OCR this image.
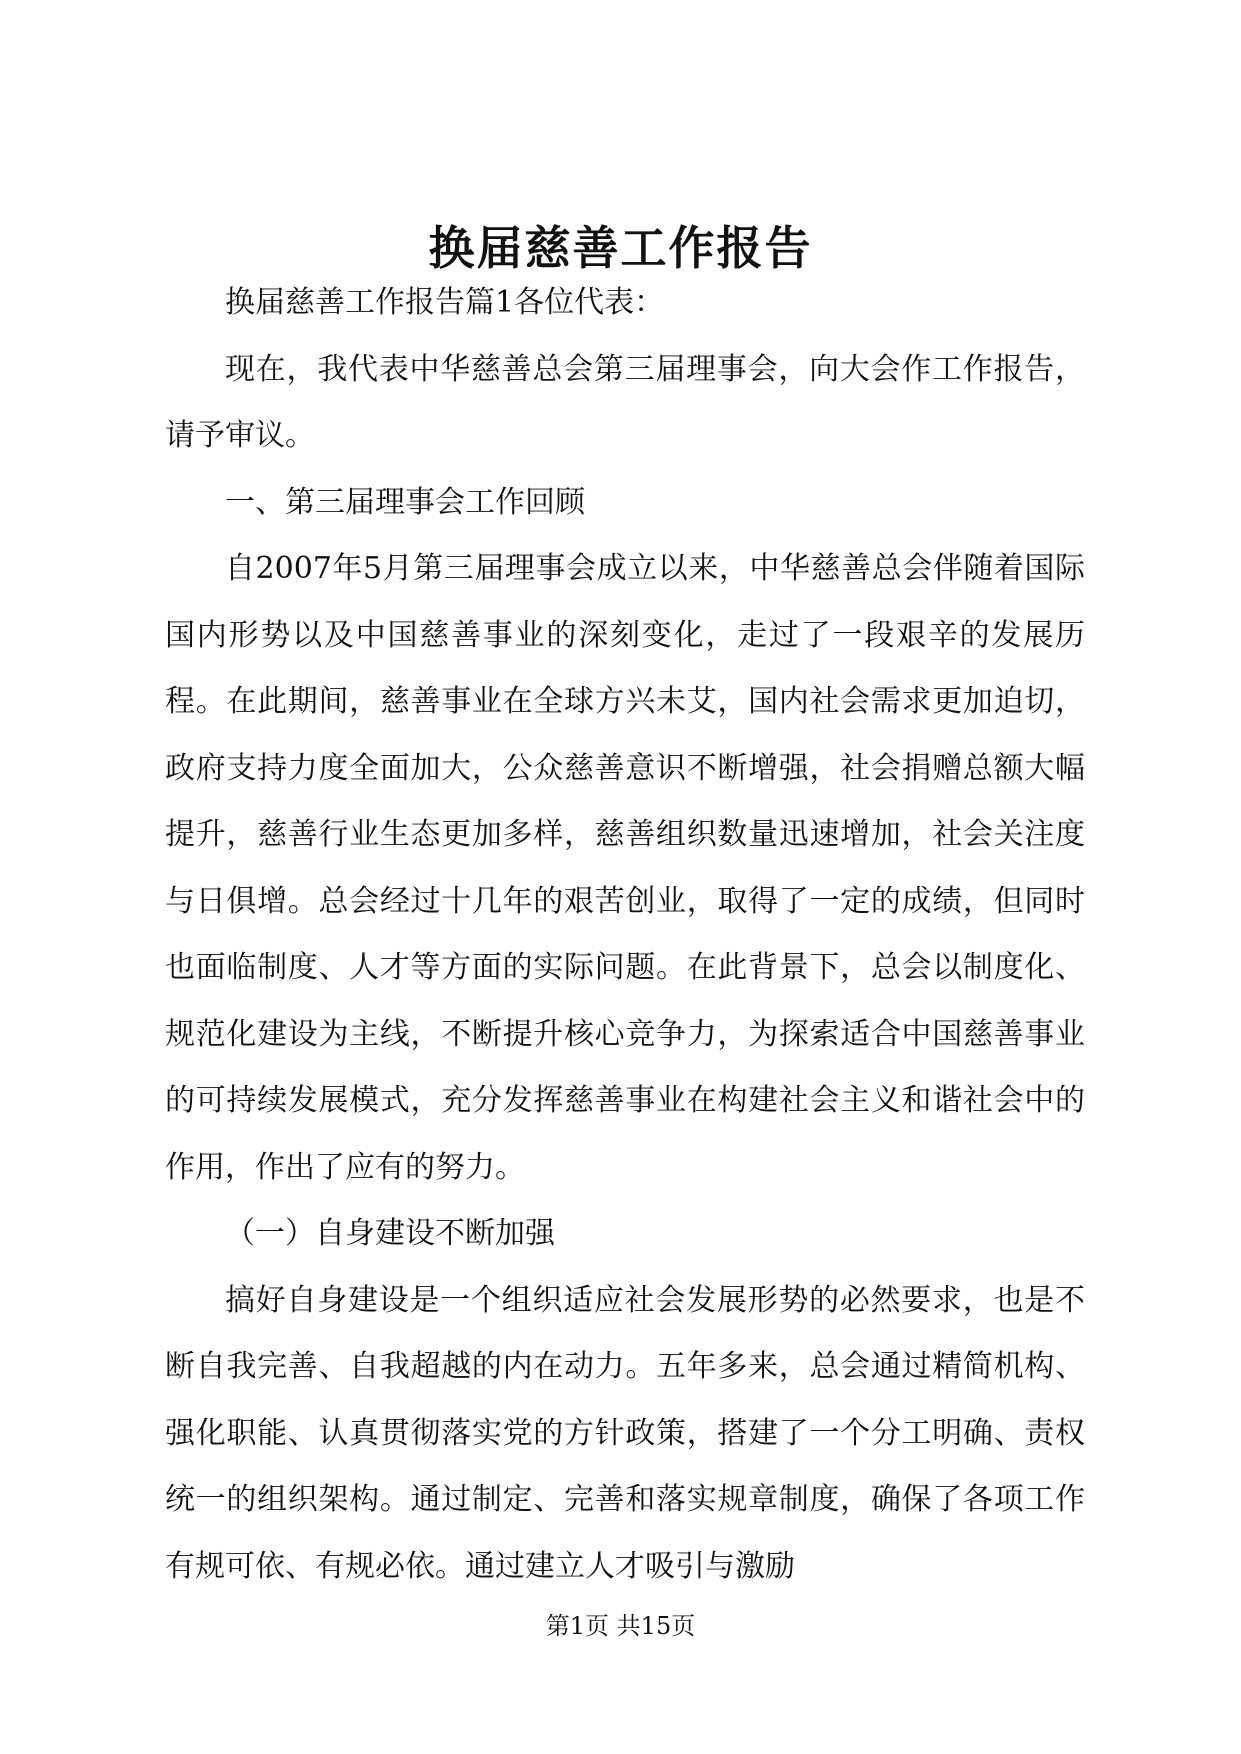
换届慈善工作报告

换届慈善工作报告篇1各位代表：

现在，我代表中华慈善总会第三届理事会，向大会作工作报告，请予审议。

一、第三届理事会工作回顾

自2007年5月第三届理事会成立以来，中华慈善总会伴随着国际国内形势以及中国慈善事业的深刻变化，走过了一段艰辛的发展历程。在此期间，慈善事业在全球方兴未艾，国内社会需求更加迫切，政府支持力度全面加大，公众慈善意识不断增强，社会捐赠总额大幅提升，慈善行业生态更加多样，慈善组织数量迅速增加，社会关注度与日俱增。总会经过十几年的艰苦创业，取得了一定的成绩，但同时也面临制度、人才等方面的实际问题。在此背景下，总会以制度化、规范化建设为主线，不断提升核心竞争力，为探索适合中国慈善事业的可持续发展模式，充分发挥慈善事业在构建社会主义和谐社会中的作用，作出了应有的努力。

（一）自身建设不断加强

搞好自身建设是一个组织适应社会发展形势的必然要求，也是不断自我完善、自我超越的内在动力。五年多来，总会通过精简机构、强化职能、认真贯彻落实党的方针政策，搭建了一个分工明确、责权统一的组织架构。通过制定、完善和落实规章制度，确保了各项工作有规可依、有规必依。通过建立人才吸引与激励

第1页 共15页
